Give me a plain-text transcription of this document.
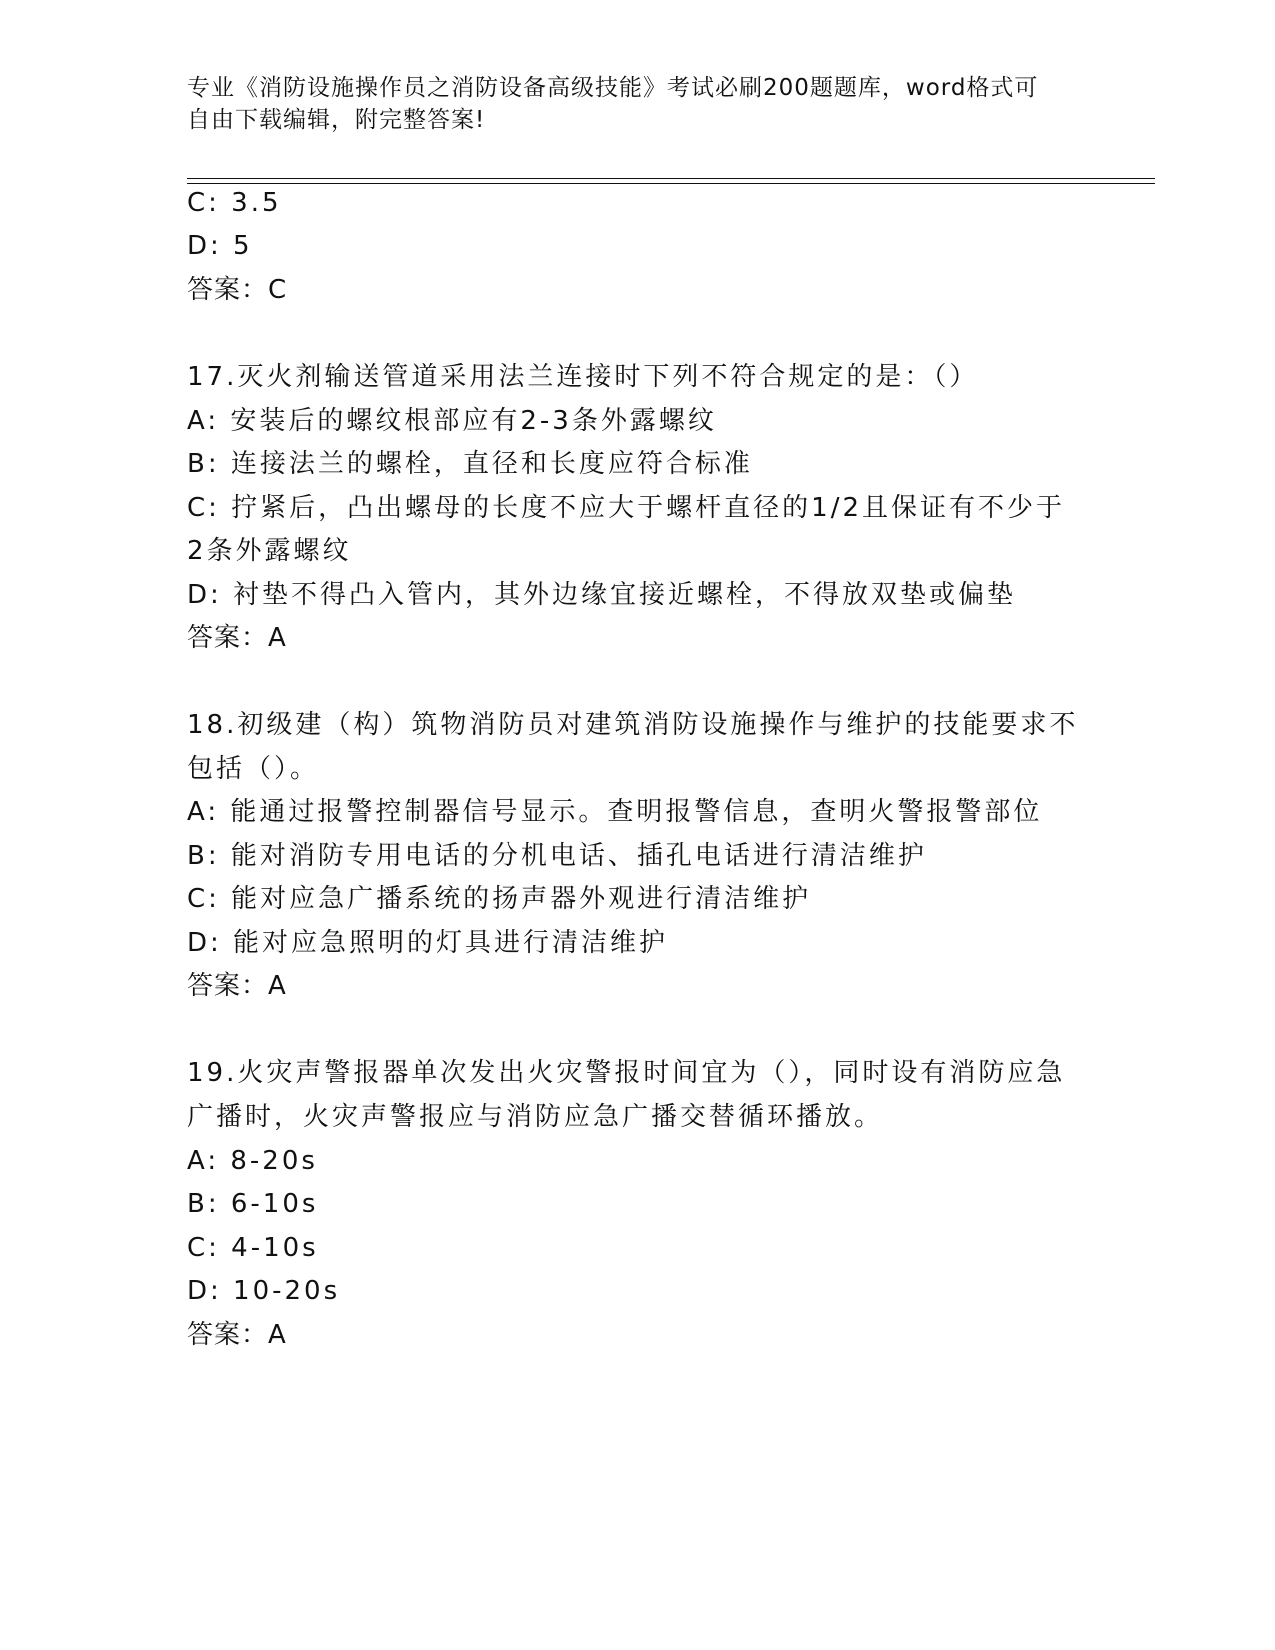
专业《消防设施操作员之消防设备高级技能》考试必刷200题题库，word格式可
自由下载编辑，附完整答案!
C: 3.5
D: 5
答案：C
17.灭火剂输送管道采用法兰连接时下列不符合规定的是：（）
A: 安装后的螺纹根部应有2-3条外露螺纹
B: 连接法兰的螺栓，直径和长度应符合标准
C: 拧紧后，凸出螺母的长度不应大于螺杆直径的1/2且保证有不少于
2条外露螺纹
D: 衬垫不得凸入管内，其外边缘宜接近螺栓，不得放双垫或偏垫
答案：A
18.初级建（构）筑物消防员对建筑消防设施操作与维护的技能要求不
包括（）。
A: 能通过报警控制器信号显示。查明报警信息，查明火警报警部位
B: 能对消防专用电话的分机电话、插孔电话进行清洁维护
C: 能对应急广播系统的扬声器外观进行清洁维护
D: 能对应急照明的灯具进行清洁维护
答案：A
19.火灾声警报器单次发出火灾警报时间宜为（），同时设有消防应急
广播时，火灾声警报应与消防应急广播交替循环播放。
A: 8-20s
B: 6-10s
C: 4-10s
D: 10-20s
答案：A
